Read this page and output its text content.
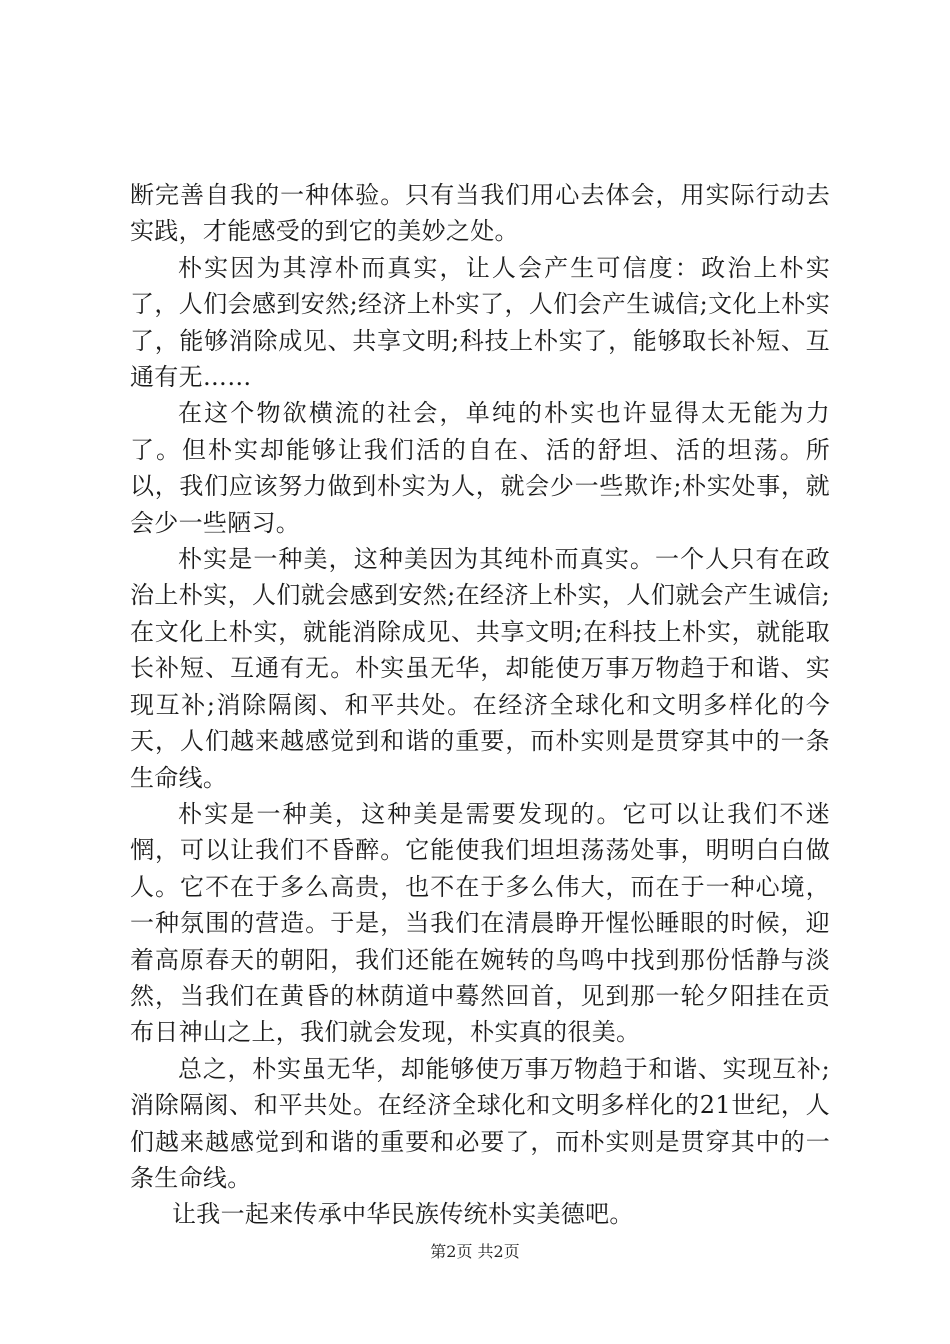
断完善自我的一种体验。只有当我们用心去体会，用实际行动去实践，才能感受的到它的美妙之处。

朴实因为其淳朴而真实，让人会产生可信度：政治上朴实了，人们会感到安然;经济上朴实了，人们会产生诚信;文化上朴实了，能够消除成见、共享文明;科技上朴实了，能够取长补短、互通有无……

在这个物欲横流的社会，单纯的朴实也许显得太无能为力了。但朴实却能够让我们活的自在、活的舒坦、活的坦荡。所以，我们应该努力做到朴实为人，就会少一些欺诈;朴实处事，就会少一些陋习。

朴实是一种美，这种美因为其纯朴而真实。一个人只有在政治上朴实，人们就会感到安然;在经济上朴实，人们就会产生诚信;在文化上朴实，就能消除成见、共享文明;在科技上朴实，就能取长补短、互通有无。朴实虽无华，却能使万事万物趋于和谐、实现互补;消除隔阂、和平共处。在经济全球化和文明多样化的今天，人们越来越感觉到和谐的重要，而朴实则是贯穿其中的一条生命线。

朴实是一种美，这种美是需要发现的。它可以让我们不迷惘，可以让我们不昏醉。它能使我们坦坦荡荡处事，明明白白做人。它不在于多么高贵，也不在于多么伟大，而在于一种心境，一种氛围的营造。于是，当我们在清晨睁开惺忪睡眼的时候，迎着高原春天的朝阳，我们还能在婉转的鸟鸣中找到那份恬静与淡然，当我们在黄昏的林荫道中蓦然回首，见到那一轮夕阳挂在贡布日神山之上，我们就会发现，朴实真的很美。

总之，朴实虽无华，却能够使万事万物趋于和谐、实现互补;消除隔阂、和平共处。在经济全球化和文明多样化的21世纪，人们越来越感觉到和谐的重要和必要了，而朴实则是贯穿其中的一条生命线。

让我一起来传承中华民族传统朴实美德吧。

第2页 共2页
